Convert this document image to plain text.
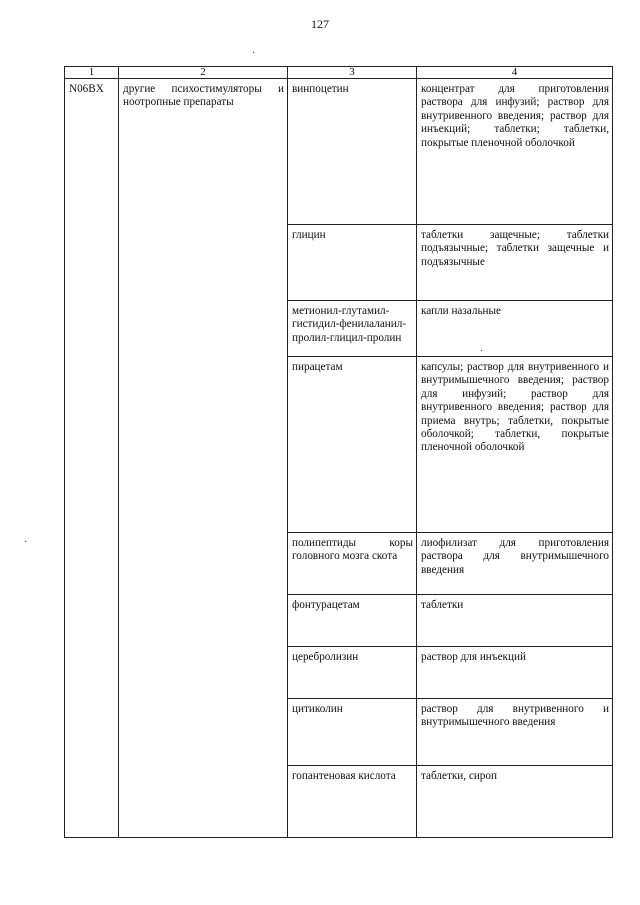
127
·
·
·
1	2	3	4
N06BX	другие психостимуляторы и ноотропные препараты	винпоцетин	концентрат для приготовления раствора для инфузий; раствор для внутривенного введения; раствор для инъекций; таблетки; таблетки, покрытые пленочной оболочкой
		глицин	таблетки защечные; таблетки подъязычные; таблетки защечные и подъязычные
		метионил-глутамил-гистидил-фенилаланил-пролил-глицил-пролин	капли назальные
		пирацетам	капсулы; раствор для внутривенного и внутримышечного введения; раствор для инфузий; раствор для внутривенного введения; раствор для приема внутрь; таблетки, покрытые оболочкой; таблетки, покрытые пленочной оболочкой
		полипептиды коры головного мозга скота	лиофилизат для приготовления раствора для внутримышечного введения
		фонтурацетам	таблетки
		церебролизин	раствор для инъекций
		цитиколин	раствор для внутривенного и внутримышечного введения
		гопантеновая кислота	таблетки, сироп
